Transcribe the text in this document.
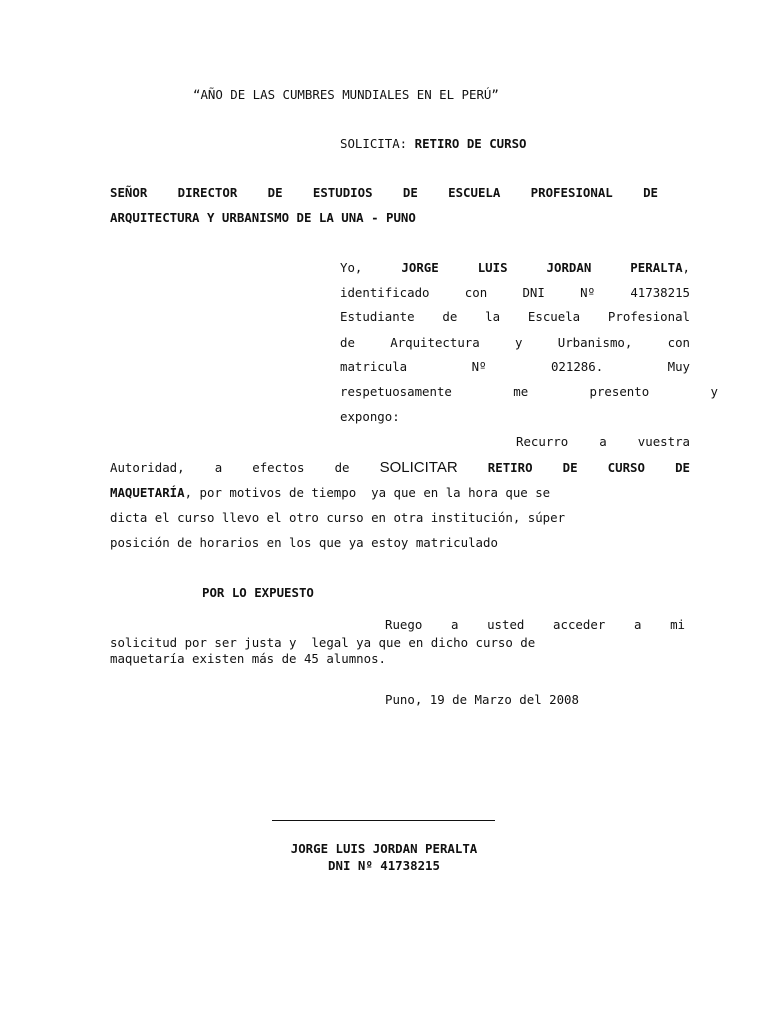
“AÑO DE LAS CUMBRES MUNDIALES EN EL PERÚ”
SOLICITA: RETIRO DE CURSO
SEÑOR DIRECTOR DE ESTUDIOS DE ESCUELA PROFESIONAL DE
ARQUITECTURA Y URBANISMO DE LA UNA - PUNO
Yo,	JORGE LUIS JORDAN PERALTA,
identificado con DNI Nº 41738215
Estudiante de la Escuela Profesional
de Arquitectura y Urbanismo, con
matricula Nº 021286. Muy
respetuosamente me presento y
expongo:
Recurro a vuestra
Autoridad, a efectos de SOLICITAR RETIRO DE CURSO DE
MAQUETARÍA, por motivos de tiempo  ya que en la hora que se
dicta el curso llevo el otro curso en otra institución, súper
posición de horarios en los que ya estoy matriculado
POR LO EXPUESTO
Ruego a usted acceder a mi
solicitud por ser justa y  legal ya que en dicho curso de
maquetaría existen más de 45 alumnos.
Puno, 19 de Marzo del 2008
JORGE LUIS JORDAN PERALTA
DNI Nº 41738215
